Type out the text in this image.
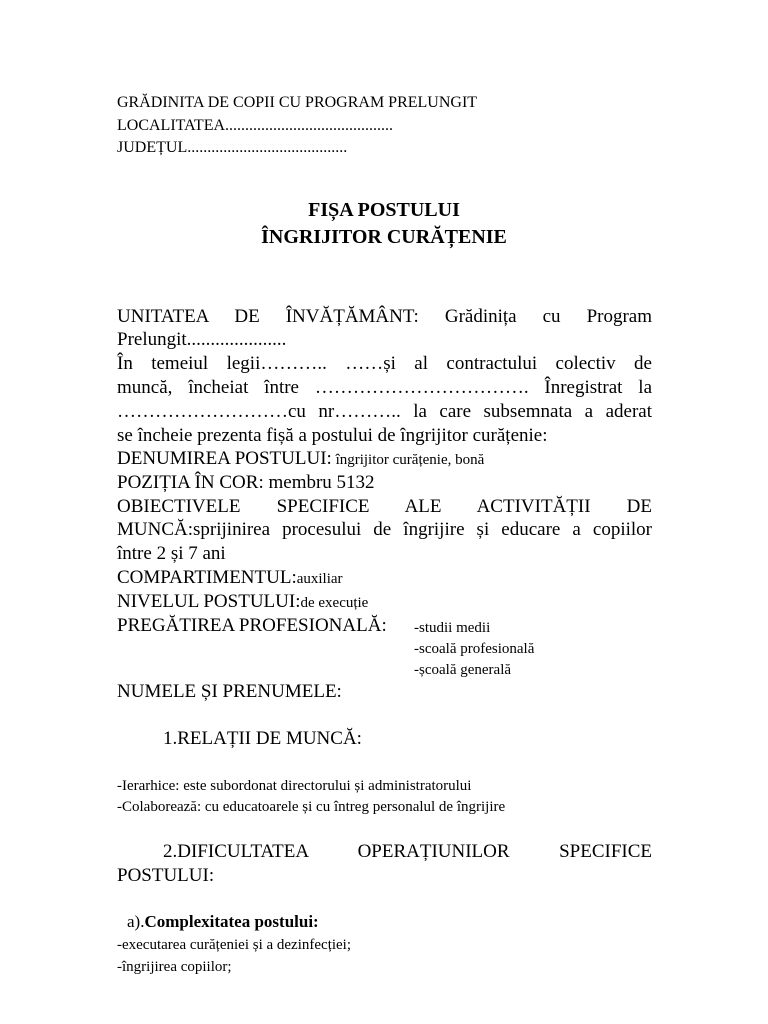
GRĂDINITA DE COPII CU PROGRAM PRELUNGIT
LOCALITATEA..........................................
JUDEȚUL........................................
FIȘA POSTULUI
ÎNGRIJITOR CURĂȚENIE
UNITATEA DE ÎNVĂȚĂMÂNT: Grădinița cu Program
Prelungit.....................
În temeiul legii……….. ……și al contractului colectiv de
muncă, încheiat între ……………………………. Înregistrat la
………………………cu nr……….. la care subsemnata a aderat
se încheie prezenta fișă a postului de îngrijitor curățenie:
DENUMIREA POSTULUI: îngrijitor curățenie, bonă
POZIȚIA ÎN COR: membru 5132
OBIECTIVELE SPECIFICE ALE ACTIVITĂȚII DE
MUNCĂ:sprijinirea procesului de îngrijire și educare a copiilor
între 2 și 7 ani
COMPARTIMENTUL:auxiliar
NIVELUL POSTULUI:de execuție
PREGĂTIREA PROFESIONALĂ: -studii medii
-scoală profesională
-școală generală
NUMELE ȘI PRENUMELE:
1.RELAȚII DE MUNCĂ:
-Ierarhice: este subordonat directorului și administratorului
-Colaborează: cu educatoarele și cu întreg personalul de îngrijire
2.DIFICULTATEA OPERAȚIUNILOR SPECIFICE
POSTULUI:
a).Complexitatea postului:
-executarea curățeniei și a dezinfecției;
-îngrijirea copiilor;
